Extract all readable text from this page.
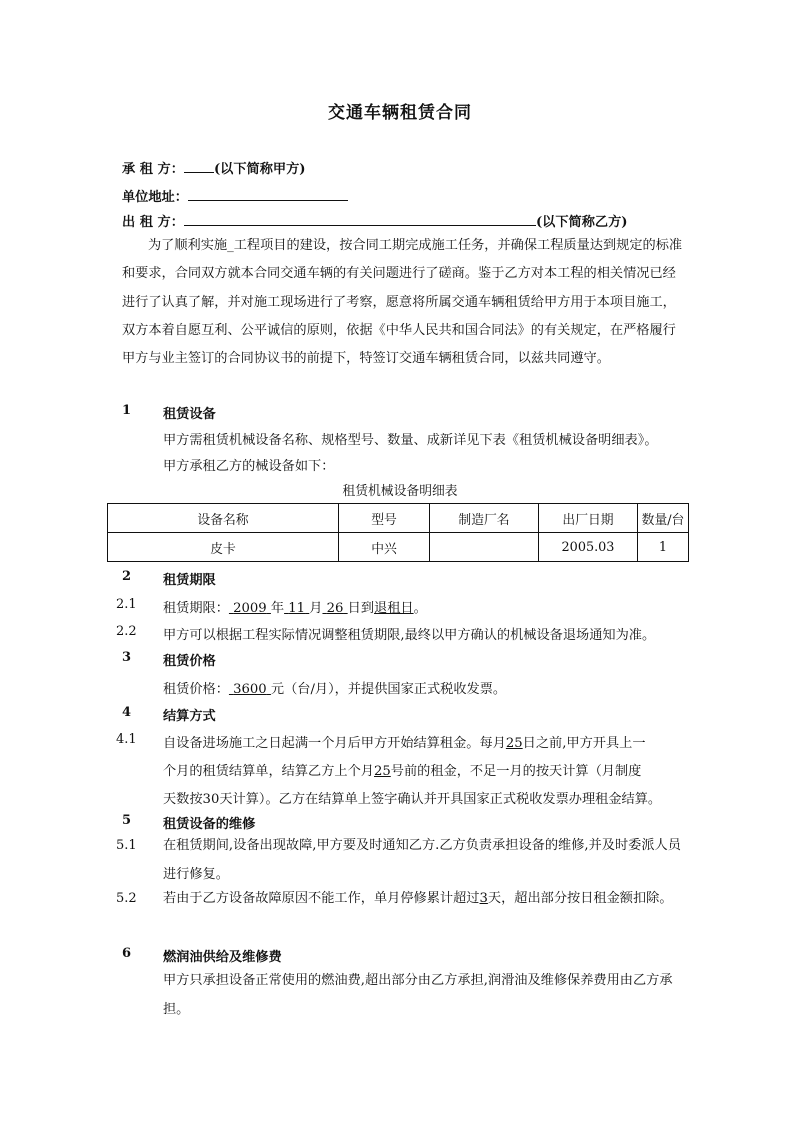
交通车辆租赁合同
承 租 方： (以下简称甲方)
单位地址：
出 租 方：	(以下简称乙方)
为了顺利实施_工程项目的建设，按合同工期完成施工任务，并确保工程质量达到规定的标准和要求，合同双方就本合同交通车辆的有关问题进行了磋商。鉴于乙方对本工程的相关情况已经进行了认真了解，并对施工现场进行了考察，愿意将所属交通车辆租赁给甲方用于本项目施工，双方本着自愿互利、公平诚信的原则，依据《中华人民共和国合同法》的有关规定，在严格履行甲方与业主签订的合同协议书的前提下，特签订交通车辆租赁合同，以兹共同遵守。
1 租赁设备
甲方需租赁机械设备名称、规格型号、数量、成新详见下表《租赁机械设备明细表》。
甲方承租乙方的械设备如下：
租赁机械设备明细表
设备名称	型号	制造厂名	出厂日期	数量/台
皮卡	中兴		2005.03	1
2 租赁期限
2.1 租赁期限： 2009 年 11 月 26 日到退租日。
2.2 甲方可以根据工程实际情况调整租赁期限,最终以甲方确认的机械设备退场通知为准。
3 租赁价格
租赁价格： 3600 元（台/月），并提供国家正式税收发票。
4 结算方式
4.1 自设备进场施工之日起满一个月后甲方开始结算租金。每月25日之前,甲方开具上一
个月的租赁结算单，结算乙方上个月25号前的租金，不足一月的按天计算（月制度
天数按30天计算）。乙方在结算单上签字确认并开具国家正式税收发票办理租金结算。
5 租赁设备的维修
5.1 在租赁期间,设备出现故障,甲方要及时通知乙方.乙方负责承担设备的维修,并及时委派人员进行修复。
5.2 若由于乙方设备故障原因不能工作，单月停修累计超过3天，超出部分按日租金额扣除。
6 燃润油供给及维修费
甲方只承担设备正常使用的燃油费,超出部分由乙方承担,润滑油及维修保养费用由乙方承担。
